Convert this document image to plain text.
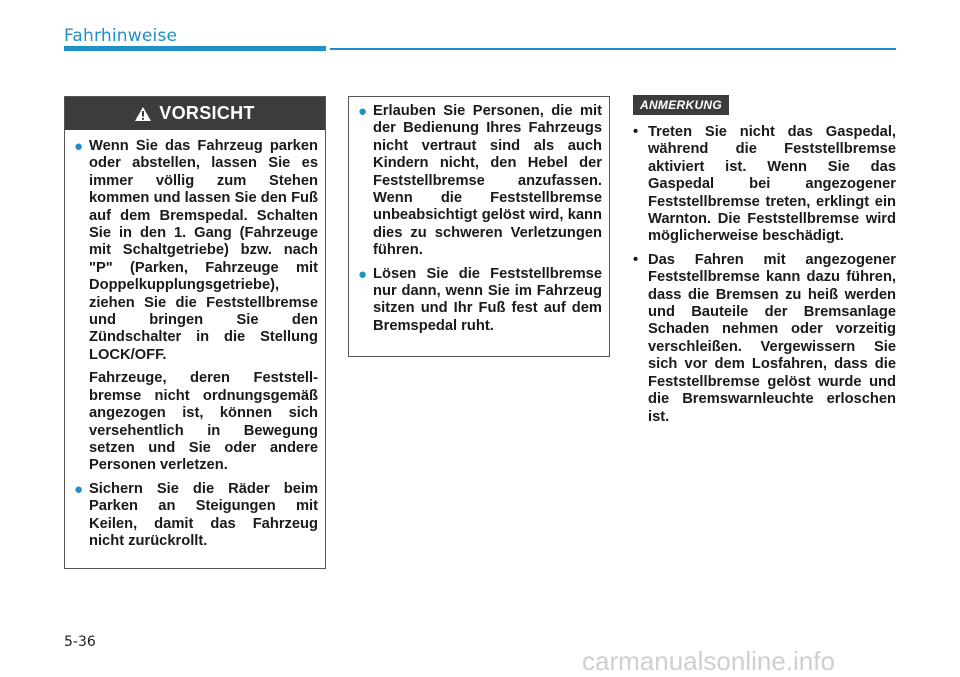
Fahrhinweise
VORSICHT
● Wenn Sie das Fahrzeug parken oder abstellen, lassen Sie es immer völlig zum Stehen kommen und lassen Sie den Fuß auf dem Bremspedal. Schalten Sie in den 1. Gang (Fahrzeuge mit Schaltgetriebe) bzw. nach "P" (Parken, Fahrzeuge mit Doppelkupplungsgetriebe), ziehen Sie die Feststellbremse und bringen Sie den Zündschalter in die Stellung LOCK/OFF.
Fahrzeuge, deren Feststellbremse nicht ordnungsgemäß angezogen ist, können sich versehentlich in Bewegung setzen und Sie oder andere Personen verletzen.
● Sichern Sie die Räder beim Parken an Steigungen mit Keilen, damit das Fahrzeug nicht zurückrollt.
● Erlauben Sie Personen, die mit der Bedienung Ihres Fahrzeugs nicht vertraut sind als auch Kindern nicht, den Hebel der Feststellbremse anzufassen. Wenn die Feststellbremse unbeabsichtigt gelöst wird, kann dies zu schweren Verletzungen führen.
● Lösen Sie die Feststellbremse nur dann, wenn Sie im Fahrzeug sitzen und Ihr Fuß fest auf dem Bremspedal ruht.
ANMERKUNG
• Treten Sie nicht das Gaspedal, während die Feststellbremse aktiviert ist. Wenn Sie das Gaspedal bei angezogener Feststellbremse treten, erklingt ein Warnton. Die Feststellbremse wird möglicherweise beschädigt.
• Das Fahren mit angezogener Feststellbremse kann dazu führen, dass die Bremsen zu heiß werden und Bauteile der Bremsanlage Schaden nehmen oder vorzeitig verschleißen. Vergewissern Sie sich vor dem Losfahren, dass die Feststellbremse gelöst wurde und die Bremswarnleuchte erloschen ist.
5-36
carmanualsonline.info
